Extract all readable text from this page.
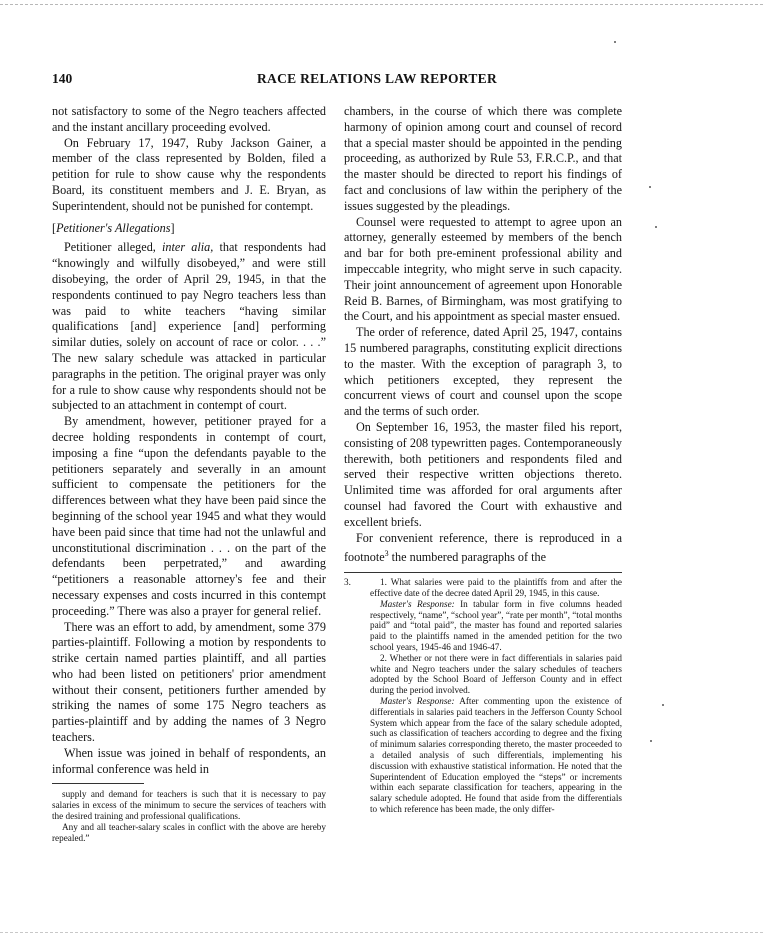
RACE RELATIONS LAW REPORTER
140

not satisfactory to some of the Negro teachers affected and the instant ancillary proceeding evolved.

On February 17, 1947, Ruby Jackson Gainer, a member of the class represented by Bolden, filed a petition for rule to show cause why the respondents Board, its constituent members and J. E. Bryan, as Superintendent, should not be punished for contempt.

[Petitioner's Allegations]

Petitioner alleged, inter alia, that respondents had “knowingly and wilfully disobeyed,” and were still disobeying, the order of April 29, 1945, in that the respondents continued to pay Negro teachers less than was paid to white teachers “having similar qualifications [and] experience [and] performing similar duties, solely on account of race or color. . . .” The new salary schedule was attacked in particular paragraphs in the petition. The original prayer was only for a rule to show cause why respondents should not be subjected to an attachment in contempt of court.

By amendment, however, petitioner prayed for a decree holding respondents in contempt of court, imposing a fine “upon the defendants payable to the petitioners separately and severally in an amount sufficient to compensate the petitioners for the differences between what they have been paid since the beginning of the school year 1945 and what they would have been paid since that time had not the unlawful and unconstitutional discrimination . . . on the part of the defendants been perpetrated,” and awarding “petitioners a reasonable attorney's fee and their necessary expenses and costs incurred in this contempt proceeding.” There was also a prayer for general relief.

There was an effort to add, by amendment, some 379 parties-plaintiff. Following a motion by respondents to strike certain named parties plaintiff, and all parties who had been listed on petitioners' prior amendment without their consent, petitioners further amended by striking the names of some 175 Negro teachers as parties-plaintiff and by adding the names of 3 Negro teachers.

When issue was joined in behalf of respondents, an informal conference was held in

supply and demand for teachers is such that it is necessary to pay salaries in excess of the minimum to secure the services of teachers with the desired training and professional qualifications.

Any and all teacher-salary scales in conflict with the above are hereby repealed.”

chambers, in the course of which there was complete harmony of opinion among court and counsel of record that a special master should be appointed in the pending proceeding, as authorized by Rule 53, F.R.C.P., and that the master should be directed to report his findings of fact and conclusions of law within the periphery of the issues suggested by the pleadings.

Counsel were requested to attempt to agree upon an attorney, generally esteemed by members of the bench and bar for both pre-eminent professional ability and impeccable integrity, who might serve in such capacity. Their joint announcement of agreement upon Honorable Reid B. Barnes, of Birmingham, was most gratifying to the Court, and his appointment as special master ensued.

The order of reference, dated April 25, 1947, contains 15 numbered paragraphs, constituting explicit directions to the master. With the exception of paragraph 3, to which petitioners excepted, they represent the concurrent views of court and counsel upon the scope and the terms of such order.

On September 16, 1953, the master filed his report, consisting of 208 typewritten pages. Contemporaneously therewith, both petitioners and respondents filed and served their respective written objections thereto. Unlimited time was afforded for oral arguments after counsel had favored the Court with exhaustive and excellent briefs.

For convenient reference, there is reproduced in a footnote$^3$ the numbered paragraphs of the

3.	1. What salaries were paid to the plaintiffs from and after the effective date of the decree dated April 29, 1945, in this cause.

Master's Response: In tabular form in five columns headed respectively, “name”, “school year”, “rate per month”, “total months paid” and “total paid”, the master has found and reported salaries paid to the plaintiffs named in the amended petition for the two school years, 1945-46 and 1946-47.

2. Whether or not there were in fact differentials in salaries paid white and Negro teachers under the salary schedules of teachers adopted by the School Board of Jefferson County and in effect during the period involved.

Master's Response: After commenting upon the existence of differentials in salaries paid teachers in the Jefferson County School System which appear from the face of the salary schedule adopted, such as classification of teachers according to degree and the fixing of minimum salaries corresponding thereto, the master proceeded to a detailed analysis of such differentials, implementing his discussion with exhaustive statistical information. He noted that the Superintendent of Education employed the “steps” or increments within each separate classification for teachers, appearing in the salary schedule adopted. He found that aside from the differentials to which reference has been made, the only differ-
